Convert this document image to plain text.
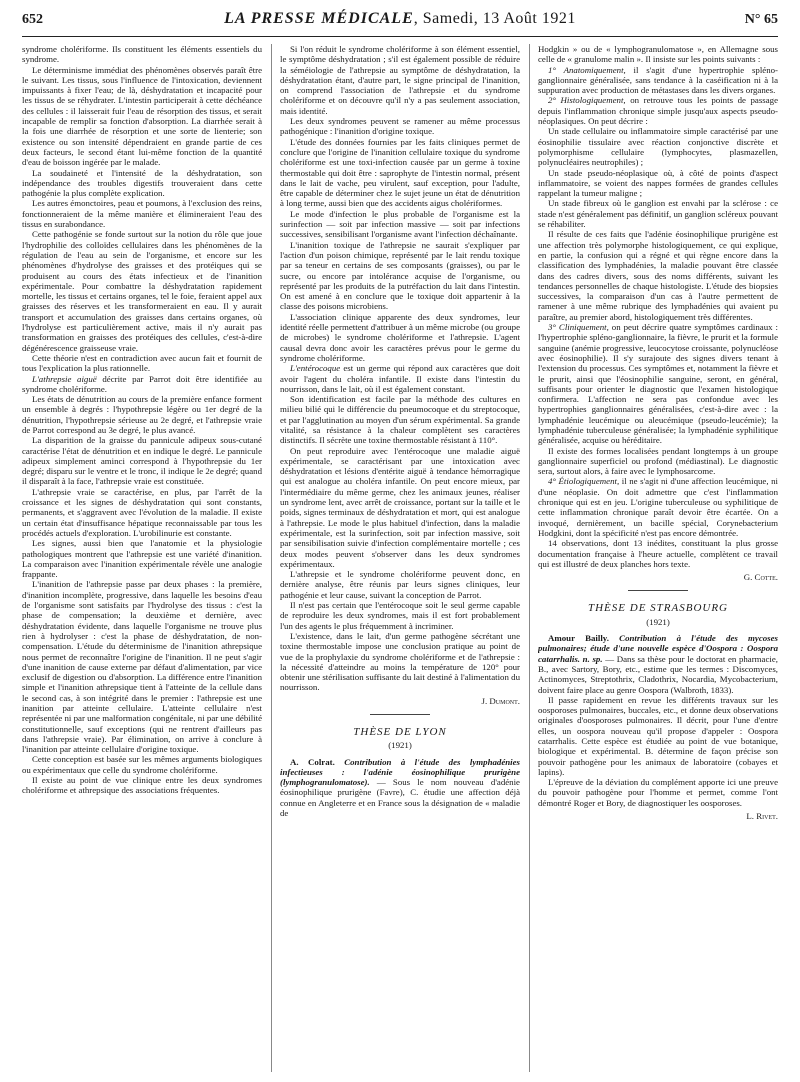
652	LA PRESSE MÉDICALE, Samedi, 13 Août 1921	N° 65

syndrome cholériforme. Ils constituent les éléments essentiels du syndrome.

Le déterminisme immédiat des phénomènes observés paraît être le suivant. Les tissus, sous l'influence de l'intoxication, deviennent impuissants à fixer l'eau; de là, déshydratation et incapacité pour les tissus de se réhydrater. L'intestin participerait à cette déchéance des cellules : il laisserait fuir l'eau de résorption des tissus, et serait incapable de remplir sa fonction d'absorption. La diarrhée serait à la fois une diarrhée de résorption et une sorte de lienterie; son existence ou son intensité dépendraient en grande partie de ces deux facteurs, le second étant lui-même fonction de la quantité d'eau de boisson ingérée par le malade.

La soudaineté et l'intensité de la déshydratation, son indépendance des troubles digestifs trouveraient dans cette pathogénie la plus complète explication.

Les autres émonctoires, peau et poumons, à l'exclusion des reins, fonctionneraient de la même manière et élimineraient l'eau des tissus en surabondance.

Cette pathogénie se fonde surtout sur la notion du rôle que joue l'hydrophilie des colloïdes cellulaires dans les phénomènes de la régulation de l'eau au sein de l'organisme, et encore sur les phénomènes d'hydrolyse des graisses et des protéiques qui se produisent au cours des états infectieux et de l'inanition expérimentale. Pour combattre la déshydratation rapidement mortelle, les tissus et certains organes, tel le foie, feraient appel aux graisses des réserves et les transformeraient en eau. Il y aurait transport et accumulation des graisses dans certains organes, où l'hydrolyse est particulièrement active, mais il n'y aurait pas transformation en graisses des protéiques des cellules, c'est-à-dire dégénérescence graisseuse vraie.

Cette théorie n'est en contradiction avec aucun fait et fournit de tous l'explication la plus rationnelle.

L'athrepsie aiguë décrite par Parrot doit être identifiée au syndrome cholériforme.

Les états de dénutrition au cours de la première enfance forment un ensemble à degrés : l'hypothrepsie légère ou 1er degré de la dénutrition, l'hypothrepsie sérieuse au 2e degré, et l'athrepsie vraie de Parrot correspond au 3e degré, le plus avancé.

La disparition de la graisse du pannicule adipeux sous-cutané caractérise l'état de dénutrition et en indique le degré. Le pannicule adipeux simplement aminci correspond à l'hypothrepsie du 1er degré; disparu sur le ventre et le tronc, il indique le 2e degré; quand il disparaît à la face, l'athrepsie vraie est constituée.

L'athrepsie vraie se caractérise, en plus, par l'arrêt de la croissance et les signes de déshydratation qui sont constants, permanents, et s'aggravent avec l'évolution de la maladie. Il existe un certain état d'insuffisance hépatique reconnaissable par tous les procédés actuels d'exploration. L'urobilinurie est constante.

Les signes, aussi bien que l'anatomie et la physiologie pathologiques montrent que l'athrepsie est une variété d'inanition. La comparaison avec l'inanition expérimentale révèle une analogie frappante.

L'inanition de l'athrepsie passe par deux phases : la première, d'inanition incomplète, progressive, dans laquelle les besoins d'eau de l'organisme sont satisfaits par l'hydrolyse des tissus : c'est la phase de compensation; la deuxième et dernière, avec déshydratation évidente, dans laquelle l'organisme ne trouve plus rien à hydrolyser : c'est la phase de déshydratation, de non-compensation. L'étude du déterminisme de l'inanition athrepsique nous permet de reconnaître l'origine de l'inanition. Il ne peut s'agir d'une inanition de cause externe par défaut d'alimentation, par vice exclusif de digestion ou d'absorption. La différence entre l'inanition simple et l'inanition athrepsique tient à l'atteinte de la cellule dans le second cas, à son intégrité dans le premier : l'athrepsie est une inanition par atteinte cellulaire. L'atteinte cellulaire n'est représentée ni par une malformation congénitale, ni par une débilité constitutionnelle, sauf exceptions (qui ne rentrent d'ailleurs pas dans l'athrepsie vraie). Par élimination, on arrive à conclure à l'inanition par atteinte cellulaire d'origine toxique.

Cette conception est basée sur les mêmes arguments biologiques ou expérimentaux que celle du syndrome cholériforme.

Il existe au point de vue clinique entre les deux syndromes cholériforme et athrepsique des associations fréquentes.

Si l'on réduit le syndrome cholériforme à son élément essentiel, le symptôme déshydratation ; s'il est également possible de réduire la séméiologie de l'athrepsie au symptôme de déshydratation, la déshydratation étant, d'autre part, le signe principal de l'inanition, on comprend l'association de l'athrepsie et du syndrome cholériforme et on découvre qu'il n'y a pas seulement association, mais identité.

Les deux syndromes peuvent se ramener au même processus pathogénique : l'inanition d'origine toxique.

L'étude des données fournies par les faits cliniques permet de conclure que l'origine de l'inanition cellulaire toxique du syndrome cholériforme est une toxi-infection causée par un germe à toxine thermostable qui doit être : saprophyte de l'intestin normal, présent dans le lait de vache, peu virulent, sauf exception, pour l'adulte, être capable de déterminer chez le sujet jeune un état de dénutrition à long terme, aussi bien que des accidents aigus cholériformes.

Le mode d'infection le plus probable de l'organisme est la surinfection — soit par infection massive — soit par infections successives, sensibilisant l'organisme avant l'infection déchaînante.

L'inanition toxique de l'athrepsie ne saurait s'expliquer par l'action d'un poison chimique, représenté par le lait rendu toxique par sa teneur en certains de ses composants (graisses), ou par le sucre, ou encore par intolérance acquise de l'organisme, ou représenté par les produits de la putréfaction du lait dans l'intestin. On est amené à en conclure que le toxique doit appartenir à la classe des poisons microbiens.

L'association clinique apparente des deux syndromes, leur identité réelle permettent d'attribuer à un même microbe (ou groupe de microbes) le syndrome cholériforme et l'athrepsie. L'agent causal devra donc avoir les caractères prévus pour le germe du syndrome cholériforme.

L'entérocoque est un germe qui répond aux caractères que doit avoir l'agent du choléra infantile. Il existe dans l'intestin du nourrisson, dans le lait, où il est également constant.

Son identification est facile par la méthode des cultures en milieu bilié qui le différencie du pneumocoque et du streptocoque, et par l'agglutination au moyen d'un sérum expérimental. Sa grande vitalité, sa résistance à la chaleur complètent ses caractères distinctifs. Il sécrète une toxine thermostable résistant à 110°.

On peut reproduire avec l'entérocoque une maladie aiguë expérimentale, se caractérisant par une intoxication avec déshydratation et lésions d'entérite aiguë à tendance hémorragique qui est analogue au choléra infantile. On peut encore mieux, par l'intermédiaire du même germe, chez les animaux jeunes, réaliser un syndrome lent, avec arrêt de croissance, portant sur la taille et le poids, signes terminaux de déshydratation et mort, qui est analogue à l'athrepsie. Le mode le plus habituel d'infection, dans la maladie expérimentale, est la surinfection, soit par infection massive, soit par sensibilisation suivie d'infection complémentaire mortelle ; ces deux modes peuvent s'observer dans les deux syndromes expérimentaux.

L'athrepsie et le syndrome cholériforme peuvent donc, en dernière analyse, être réunis par leurs signes cliniques, leur pathogénie et leur cause, suivant la conception de Parrot.

Il n'est pas certain que l'entérocoque soit le seul germe capable de reproduire les deux syndromes, mais il est fort probablement l'un des agents le plus fréquemment à incriminer.

L'existence, dans le lait, d'un germe pathogène sécrétant une toxine thermostable impose une conclusion pratique au point de vue de la prophylaxie du syndrome cholériforme et de l'athrepsie : la nécessité d'atteindre au moins la température de 120° pour obtenir une stérilisation suffisante du lait destiné à l'alimentation du nourrisson.

J. Dumont.

THÈSE DE LYON
(1921)

A. Colrat. Contribution à l'étude des lymphadénies infectieuses : l'adénie éosinophilique prurigène (lymphogranulomatose). — Sous le nom nouveau d'adénie éosinophilique prurigène (Favre), C. étudie une affection déjà connue en Angleterre et en France sous la désignation de « maladie de

Hodgkin » ou de « lymphogranulomatose », en Allemagne sous celle de « granulome malin ». Il insiste sur les points suivants :

1° Anatomiquement, il s'agit d'une hypertrophie spléno-ganglionnaire généralisée, sans tendance à la caséification ni à la suppuration avec production de métastases dans les divers organes.

2° Histologiquement, on retrouve tous les points de passage depuis l'inflammation chronique simple jusqu'aux aspects pseudo-néoplasiques. On peut décrire :

Un stade cellulaire ou inflammatoire simple caractérisé par une éosinophilie tissulaire avec réaction conjonctive discrète et polymorphisme cellulaire (lymphocytes, plasmazellen, polynucléaires neutrophiles) ;

Un stade pseudo-néoplasique où, à côté de points d'aspect inflammatoire, se voient des nappes formées de grandes cellules rappelant la tumeur maligne ;

Un stade fibreux où le ganglion est envahi par la sclérose : ce stade n'est généralement pas définitif, un ganglion scléreux pouvant se réhabiliter.

Il résulte de ces faits que l'adénie éosinophilique prurigène est une affection très polymorphe histologiquement, ce qui explique, en partie, la confusion qui a régné et qui règne encore dans la classification des lymphadénies, la maladie pouvant être classée dans des cadres divers, sous des noms différents, suivant les tendances personnelles de chaque histologiste. L'étude des biopsies successives, la comparaison d'un cas à l'autre permettent de ramener à une même rubrique des lymphadénies qui avaient pu paraître, au premier abord, histologiquement très différentes.

3° Cliniquement, on peut décrire quatre symptômes cardinaux : l'hypertrophie spléno-ganglionnaire, la fièvre, le prurit et la formule sanguine (anémie progressive, leucocytose croissante, polynucléose avec éosinophilie). Il s'y surajoute des signes divers tenant à l'extension du processus. Ces symptômes et, notamment la fièvre et le prurit, ainsi que l'éosinophilie sanguine, seront, en général, suffisants pour orienter le diagnostic que l'examen histologique confirmera. L'affection ne sera pas confondue avec les hypertrophies ganglionnaires généralisées, c'est-à-dire avec : la lymphadénie leucémique ou aleucémique (pseudo-leucémie); la lymphadénie tuberculeuse généralisée; la lymphadénie syphilitique généralisée, acquise ou héréditaire.

Il existe des formes localisées pendant longtemps à un groupe ganglionnaire superficiel ou profond (médiastinal). Le diagnostic sera, surtout alors, à faire avec le lymphosarcome.

4° Étiologiquement, il ne s'agit ni d'une affection leucémique, ni d'une néoplasie. On doit admettre que c'est l'inflammation chronique qui est en jeu. L'origine tuberculeuse ou syphilitique de cette inflammation chronique paraît devoir être écartée. On a invoqué, dernièrement, un bacille spécial, Corynebacterium Hodgkini, dont la spécificité n'est pas encore démontrée.

14 observations, dont 13 inédites, constituant la plus grosse documentation française à l'heure actuelle, complètent ce travail qui est illustré de deux planches hors texte.

G. Cotte.

THÈSE DE STRASBOURG
(1921)

Amour Bailly. Contribution à l'étude des mycoses pulmonaires; étude d'une nouvelle espèce d'Oospora : Oospora catarrhalis. n. sp. — Dans sa thèse pour le doctorat en pharmacie, B., avec Sartory, Bory, etc., estime que les termes : Discomyces, Actinomyces, Streptothrix, Cladothrix, Nocardia, Mycobacterium, doivent faire place au genre Oospora (Walbroth, 1833).

Il passe rapidement en revue les différents travaux sur les oosporoses pulmonaires, buccales, etc., et donne deux observations originales d'oosporoses pulmonaires. Il décrit, pour l'une d'entre elles, un oospora nouveau qu'il propose d'appeler : Oospora catarrhalis. Cette espèce est étudiée au point de vue botanique, biologique et expérimental. B. détermine de façon précise son pouvoir pathogène pour les animaux de laboratoire (cobayes et lapins).

L'épreuve de la déviation du complément apporte ici une preuve du pouvoir pathogène pour l'homme et permet, comme l'ont démontré Roger et Bory, de diagnostiquer les oosporoses.

L. Rivet.
